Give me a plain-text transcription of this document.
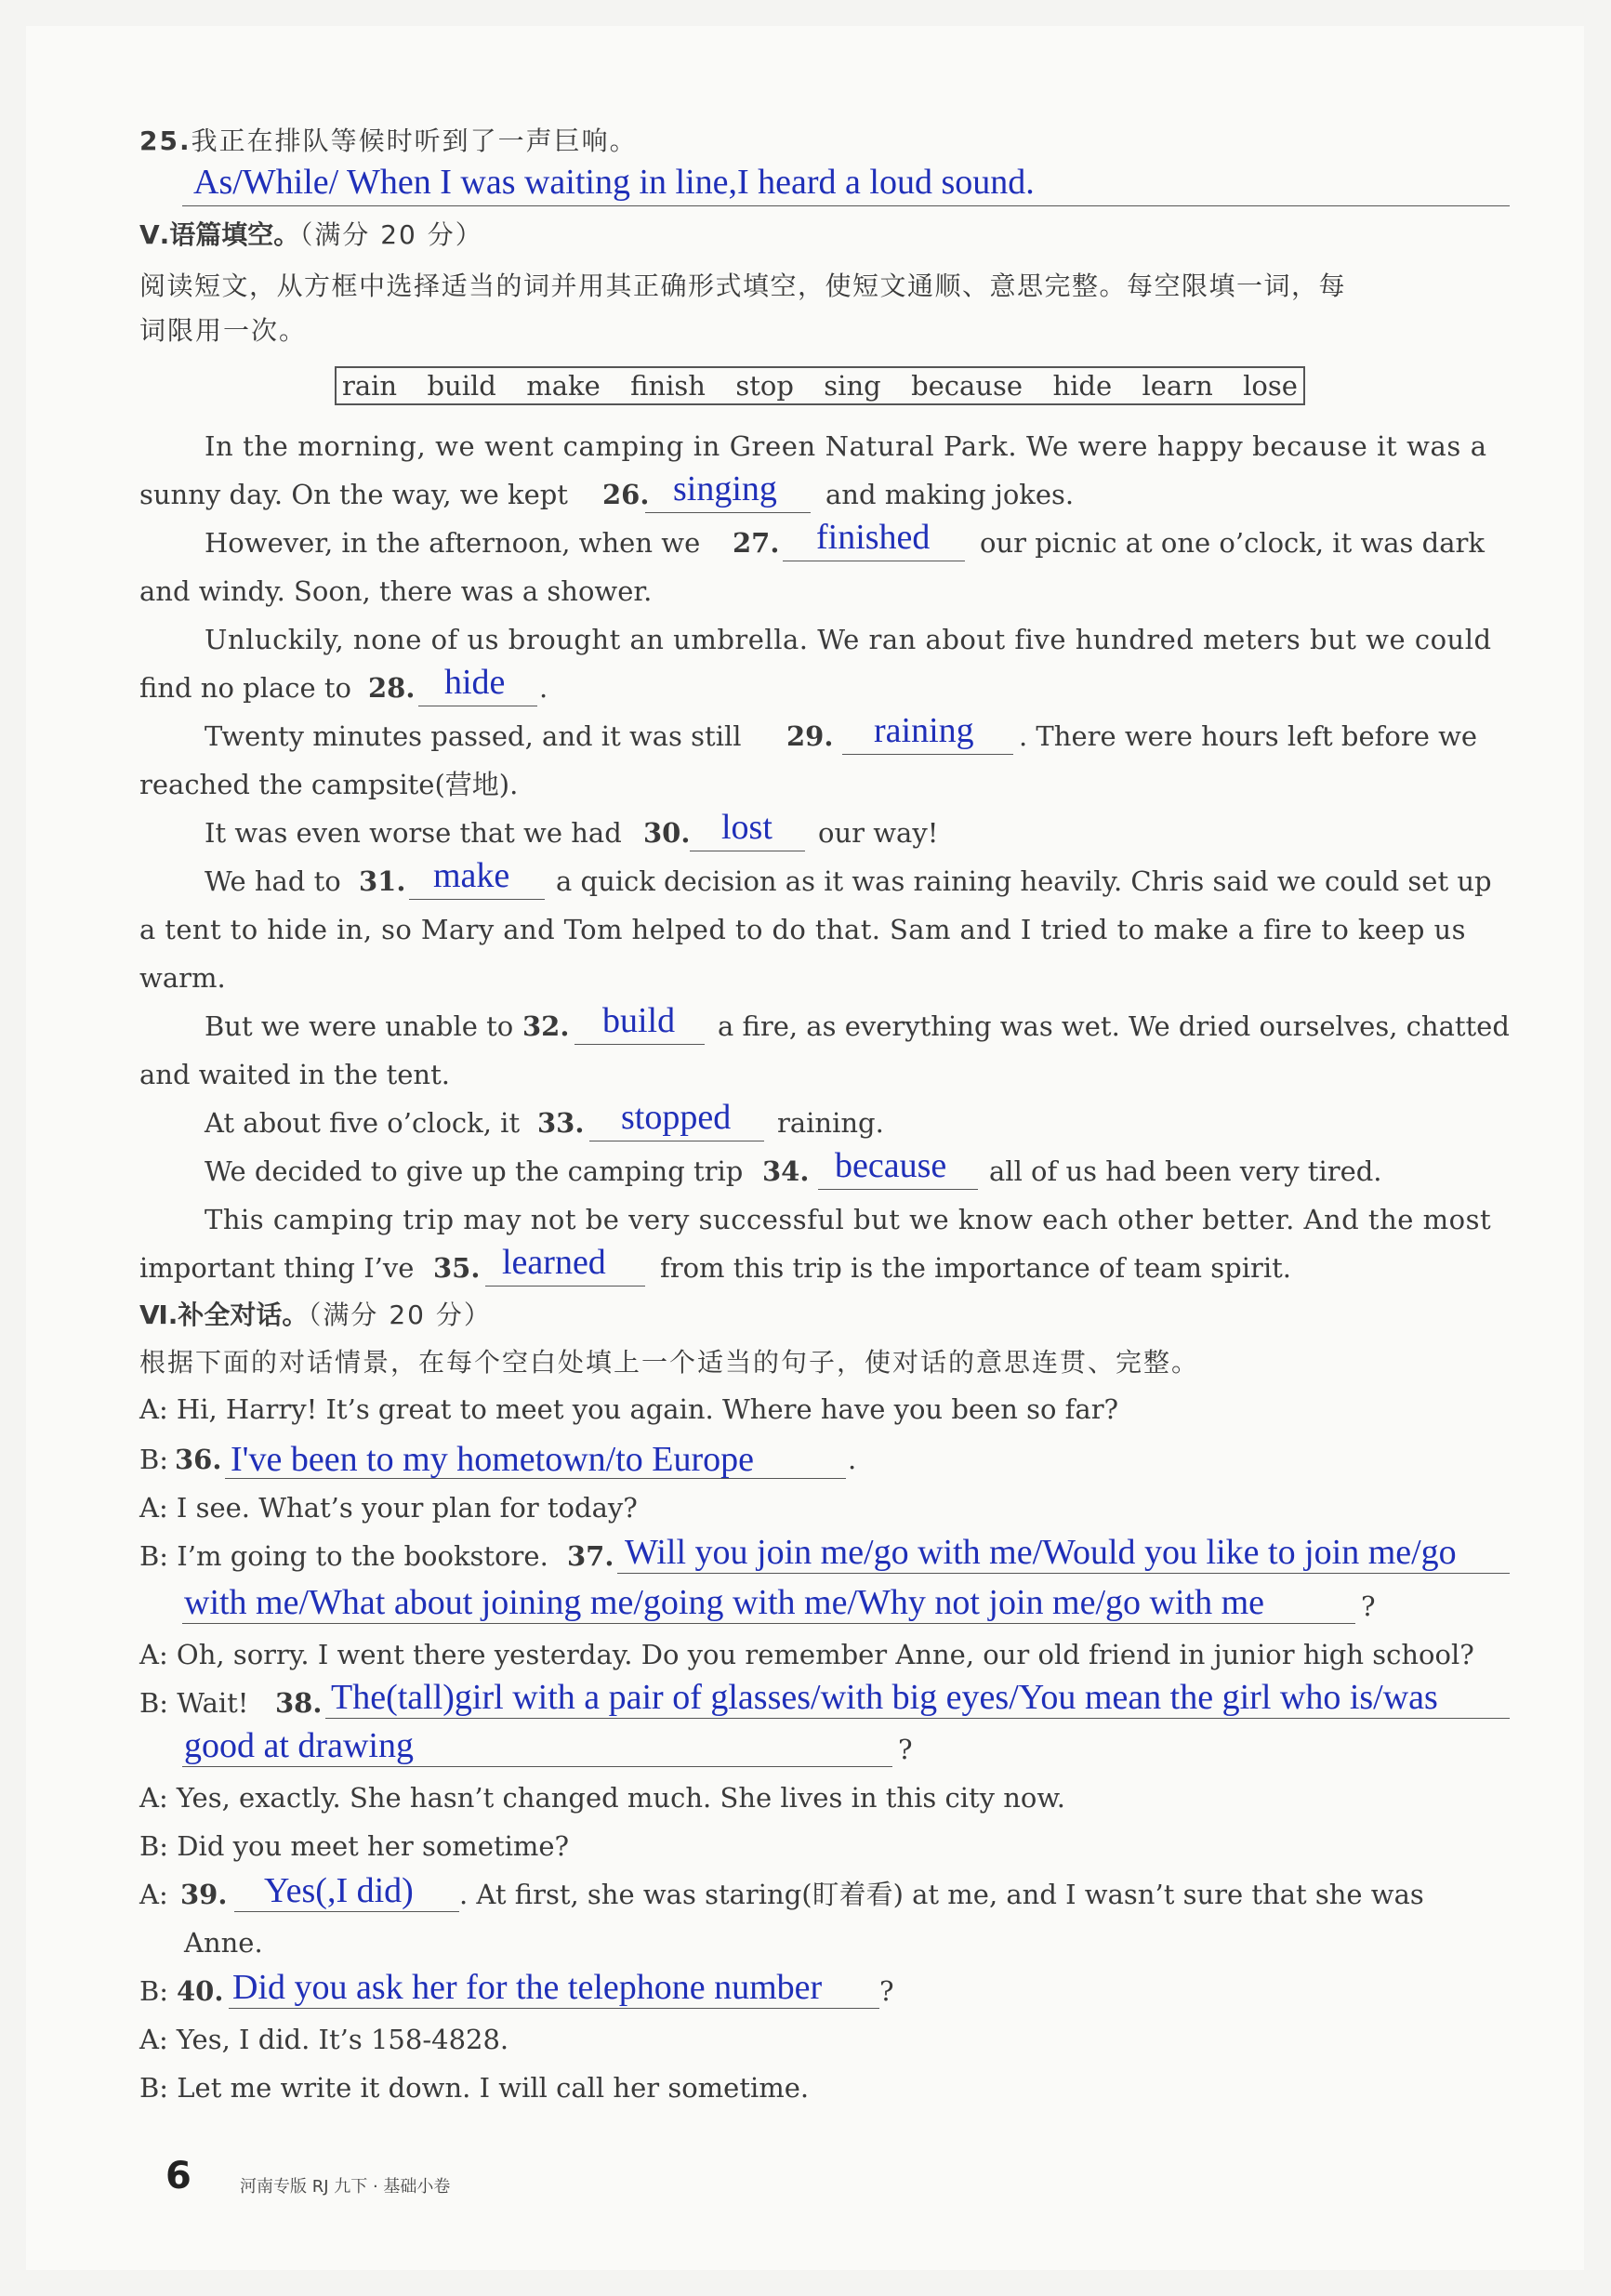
25.我正在排队等候时听到了一声巨响。
As/While/ When I was waiting in line,I heard a loud sound.
Ⅴ.语篇填空。（满分 20 分）
阅读短文，从方框中选择适当的词并用其正确形式填空，使短文通顺、意思完整。每空限填一词，每
词限用一次。
rain build make finish stop sing because hide learn lose
In the morning, we went camping in Green Natural Park. We were happy because it was a
sunny day. On the way, we kept 26. singing and making jokes.
However, in the afternoon, when we 27. finished our picnic at one o’clock, it was dark
and windy. Soon, there was a shower.
Unluckily, none of us brought an umbrella. We ran about five hundred meters but we could
find no place to 28. hide .
Twenty minutes passed, and it was still 29. raining . There were hours left before we
reached the campsite(营地).
It was even worse that we had 30. lost our way!
We had to 31. make a quick decision as it was raining heavily. Chris said we could set up
a tent to hide in, so Mary and Tom helped to do that. Sam and I tried to make a fire to keep us
warm.
But we were unable to 32. build a fire, as everything was wet. We dried ourselves, chatted
and waited in the tent.
At about five o’clock, it 33. stopped raining.
We decided to give up the camping trip 34. because all of us had been very tired.
This camping trip may not be very successful but we know each other better. And the most
important thing I’ve 35. learned from this trip is the importance of team spirit.
Ⅵ.补全对话。（满分 20 分）
根据下面的对话情景，在每个空白处填上一个适当的句子，使对话的意思连贯、完整。
A: Hi, Harry! It’s great to meet you again. Where have you been so far?
B: 36. I've been to my hometown/to Europe	.
A: I see. What’s your plan for today?
B: I’m going to the bookstore. 37. Will you join me/go with me/Would you like to join me/go
with me/What about joining me/going with me/Why not join me/go with me	?
A: Oh, sorry. I went there yesterday. Do you remember Anne, our old friend in junior high school?
B: Wait! 38. The(tall)girl with a pair of glasses/with big eyes/You mean the girl who is/was
good at drawing	?
A: Yes, exactly. She hasn’t changed much. She lives in this city now.
B: Did you meet her sometime?
A: 39. Yes(,I did) . At first, she was staring(盯着看) at me, and I wasn’t sure that she was
Anne.
B: 40. Did you ask her for the telephone number ?
A: Yes, I did. It’s 158-4828.
B: Let me write it down. I will call her sometime.
6	河南专版 RJ 九下 · 基础小卷
